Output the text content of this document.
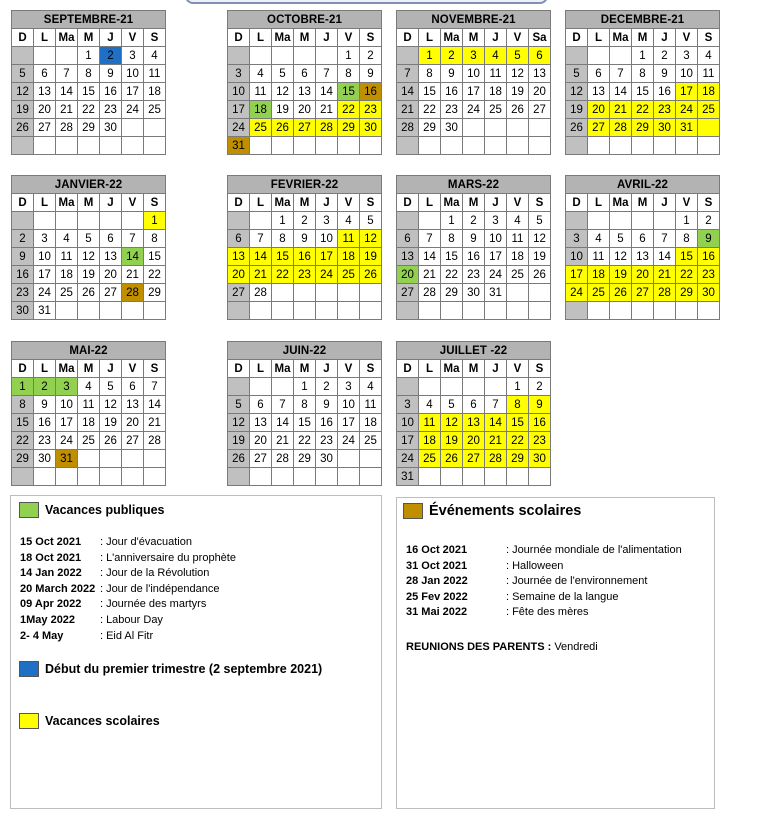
SEPTEMBRE-21						
D	L	Ma	M	J	V	S
			1	2	3	4
5	6	7	8	9	10	11
12	13	14	15	16	17	18
19	20	21	22	23	24	25
26	27	28	29	30		

OCTOBRE-21						
D	L	Ma	M	J	V	S
					1	2
3	4	5	6	7	8	9
10	11	12	13	14	15	16
17	18	19	20	21	22	23
24	25	26	27	28	29	30
31						
NOVEMBRE-21						
D	L	Ma	M	J	V	Sa
	1	2	3	4	5	6
7	8	9	10	11	12	13
14	15	16	17	18	19	20
21	22	23	24	25	26	27
28	29	30				

DECEMBRE-21						
D	L	Ma	M	J	V	S
			1	2	3	4
5	6	7	8	9	10	11
12	13	14	15	16	17	18
19	20	21	22	23	24	25
26	27	28	29	30	31	

JANVIER-22						
D	L	Ma	M	J	V	S
						1
2	3	4	5	6	7	8
9	10	11	12	13	14	15
16	17	18	19	20	21	22
23	24	25	26	27	28	29
30	31					
FEVRIER-22						
D	L	Ma	M	J	V	S
		1	2	3	4	5
6	7	8	9	10	11	12
13	14	15	16	17	18	19
20	21	22	23	24	25	26
27	28					

MARS-22						
D	L	Ma	M	J	V	S
		1	2	3	4	5
6	7	8	9	10	11	12
13	14	15	16	17	18	19
20	21	22	23	24	25	26
27	28	29	30	31		

AVRIL-22						
D	L	Ma	M	J	V	S
					1	2
3	4	5	6	7	8	9
10	11	12	13	14	15	16
17	18	19	20	21	22	23
24	25	26	27	28	29	30

MAI-22						
D	L	Ma	M	J	V	S
1	2	3	4	5	6	7
8	9	10	11	12	13	14
15	16	17	18	19	20	21
22	23	24	25	26	27	28
29	30	31				

JUIN-22						
D	L	Ma	M	J	V	S
			1	2	3	4
5	6	7	8	9	10	11
12	13	14	15	16	17	18
19	20	21	22	23	24	25
26	27	28	29	30		

JUILLET -22						
D	L	Ma	M	J	V	S
					1	2
3	4	5	6	7	8	9
10	11	12	13	14	15	16
17	18	19	20	21	22	23
24	25	26	27	28	29	30
31						
Vacances publiques
15 Oct 2021	: Jour d'évacuation
18 Oct 2021	: L'anniversaire du prophète
14 Jan 2022	: Jour de la Révolution
20 March 2022 : Jour de l'indépendance
09 Apr 2022	: Journée des martyrs
1May 2022	: Labour Day
2- 4 May	: Eid Al Fitr
Début du premier trimestre (2 septembre 2021)
Vacances scolaires
Événements scolaires
16 Oct 2021	: Journée mondiale de l'alimentation
31 Oct 2021	: Halloween
28 Jan 2022	: Journée de l'environnement
25 Fev 2022	: Semaine de la langue
31 Mai 2022	: Fête des mères
REUNIONS DES PARENTS : Vendredi
